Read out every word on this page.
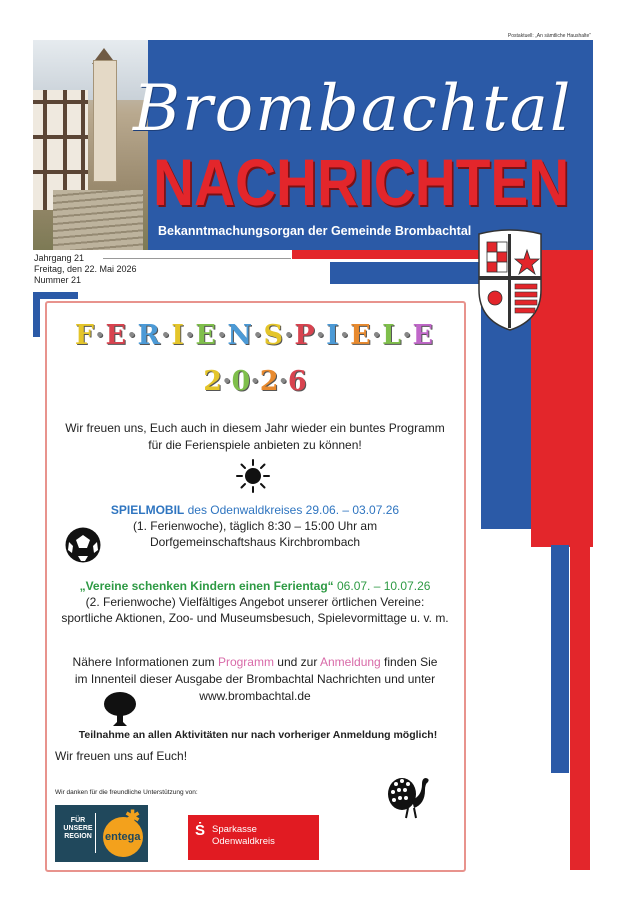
Postaktuell: „An sämtliche Haushalte“
Brombachtal
NACHRICHTEN
Bekanntmachungsorgan der Gemeinde Brombachtal
Jahrgang 21
Freitag, den 22. Mai 2026
Nummer 21
F·E·R·I·E·N·S·P·I·E·L·E
2·0·2·6
Wir freuen uns, Euch auch in diesem Jahr wieder ein buntes Programm für die Ferienspiele anbieten zu können!
SPIELMOBIL des Odenwaldkreises 29.06. – 03.07.26
(1. Ferienwoche), täglich 8:30 – 15:00 Uhr am
Dorfgemeinschaftshaus Kirchbrombach
„Vereine schenken Kindern einen Ferientag“ 06.07. – 10.07.26
(2. Ferienwoche) Vielfältiges Angebot unserer örtlichen Vereine:
sportliche Aktionen, Zoo- und Museumsbesuch, Spielevormittage u. v. m.
Nähere Informationen zum Programm und zur Anmeldung finden Sie
im Innenteil dieser Ausgabe der Brombachtal Nachrichten und unter
www.brombachtal.de
Teilnahme an allen Aktivitäten nur nach vorheriger Anmeldung möglich!
Wir freuen uns auf Euch!
Wir danken für die freundliche Unterstützung von:
FÜR
UNSERE
REGION
✱
entega	Ṡ Sparkasse
Odenwaldkreis
